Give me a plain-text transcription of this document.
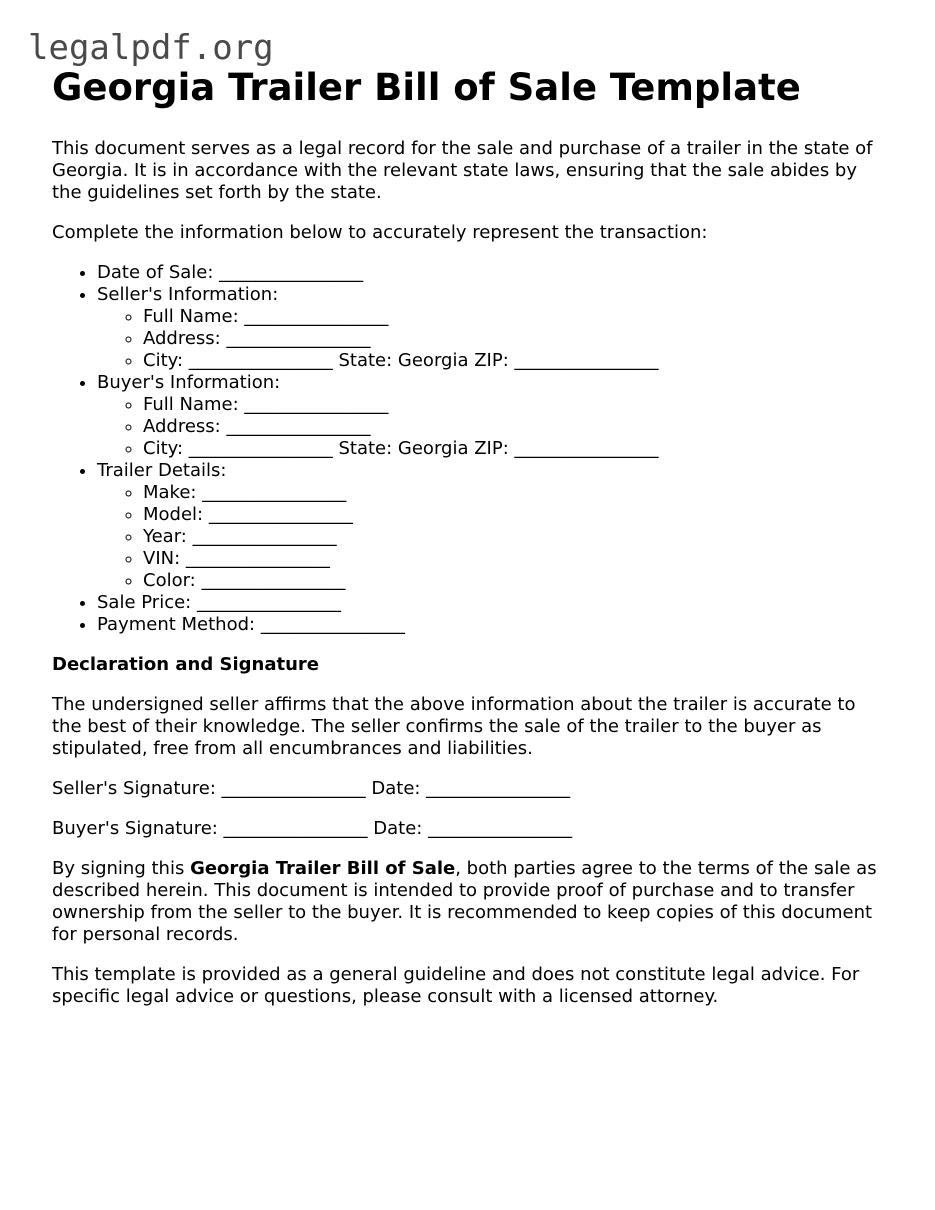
legalpdf.org
Georgia Trailer Bill of Sale Template

This document serves as a legal record for the sale and purchase of a trailer in the state of Georgia. It is in accordance with the relevant state laws, ensuring that the sale abides by the guidelines set forth by the state.

Complete the information below to accurately represent the transaction:

• Date of Sale: ________________
• Seller's Information:
◦ Full Name: ________________
◦ Address: ________________
◦ City: ________________ State: Georgia ZIP: ________________
• Buyer's Information:
◦ Full Name: ________________
◦ Address: ________________
◦ City: ________________ State: Georgia ZIP: ________________
• Trailer Details:
◦ Make: ________________
◦ Model: ________________
◦ Year: ________________
◦ VIN: ________________
◦ Color: ________________
• Sale Price: ________________
• Payment Method: ________________

Declaration and Signature

The undersigned seller affirms that the above information about the trailer is accurate to the best of their knowledge. The seller confirms the sale of the trailer to the buyer as stipulated, free from all encumbrances and liabilities.

Seller's Signature: ________________ Date: ________________

Buyer's Signature: ________________ Date: ________________

By signing this Georgia Trailer Bill of Sale, both parties agree to the terms of the sale as described herein. This document is intended to provide proof of purchase and to transfer ownership from the seller to the buyer. It is recommended to keep copies of this document for personal records.

This template is provided as a general guideline and does not constitute legal advice. For specific legal advice or questions, please consult with a licensed attorney.
